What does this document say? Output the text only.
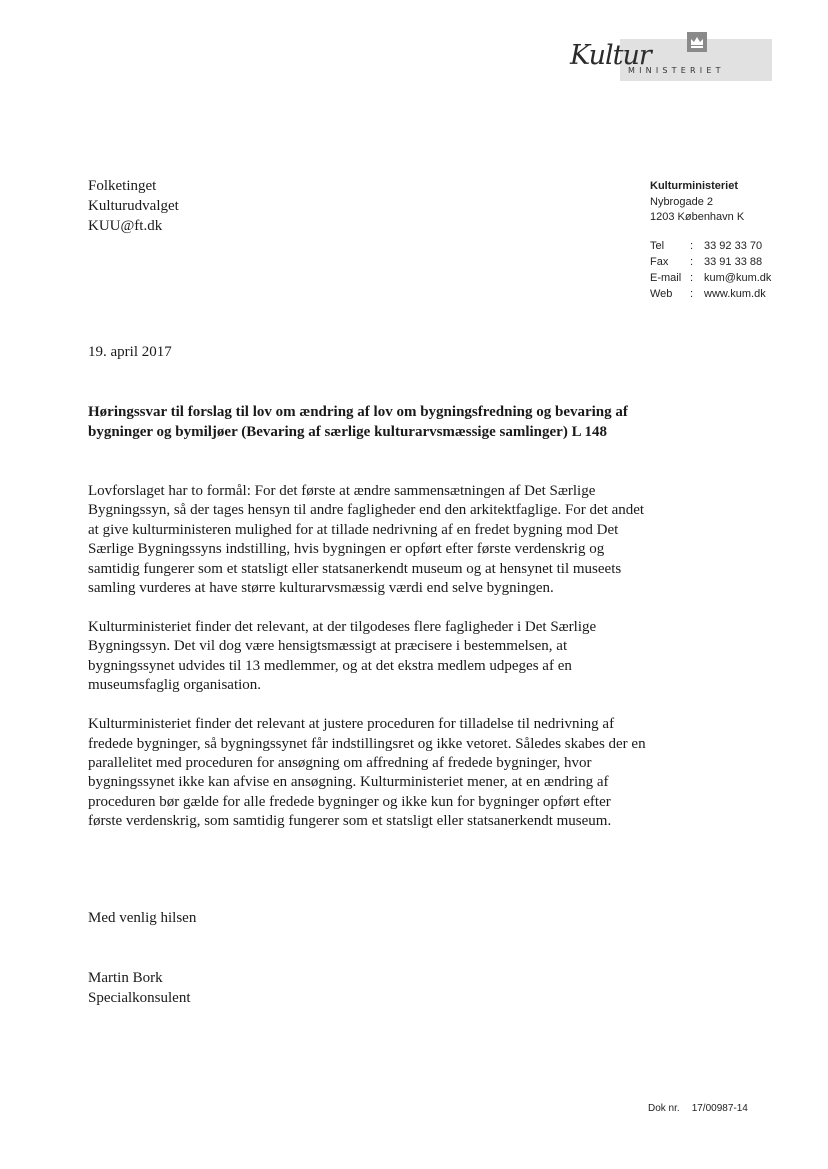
Kultur
MINISTERIET
Folketinget
Kulturudvalget
KUU@ft.dk
Kulturministeriet
Nybrogade 2
1203 København K
Tel	:	33 92 33 70
Fax	:	33 91 33 88
E-mail	:	kum@kum.dk
Web	:	www.kum.dk
19. april 2017
Høringssvar til forslag til lov om ændring af lov om bygningsfredning og bevaring af bygninger og bymiljøer (Bevaring af særlige kulturarvsmæssige samlinger) L 148

Lovforslaget har to formål: For det første at ændre sammensætningen af Det Særlige Bygningssyn, så der tages hensyn til andre fagligheder end den arkitektfaglige. For det andet at give kulturministeren mulighed for at tillade nedrivning af en fredet bygning mod Det Særlige Bygningssyns indstilling, hvis bygningen er opført efter første verdenskrig og samtidig fungerer som et statsligt eller statsanerkendt museum og at hensynet til museets samling vurderes at have større kulturarvsmæssig værdi end selve bygningen.

Kulturministeriet finder det relevant, at der tilgodeses flere fagligheder i Det Særlige Bygningssyn. Det vil dog være hensigtsmæssigt at præcisere i bestemmelsen, at bygningssynet udvides til 13 medlemmer, og at det ekstra medlem udpeges af en museumsfaglig organisation.

Kulturministeriet finder det relevant at justere proceduren for tilladelse til nedrivning af fredede bygninger, så bygningssynet får indstillingsret og ikke vetoret. Således skabes der en parallelitet med proceduren for ansøgning om affredning af fredede bygninger, hvor bygningssynet ikke kan afvise en ansøgning. Kulturministeriet mener, at en ændring af proceduren bør gælde for alle fredede bygninger og ikke kun for bygninger opført efter første verdenskrig, som samtidig fungerer som et statsligt eller statsanerkendt museum.

Med venlig hilsen
Martin Bork
Specialkonsulent
Dok nr. 17/00987-14
